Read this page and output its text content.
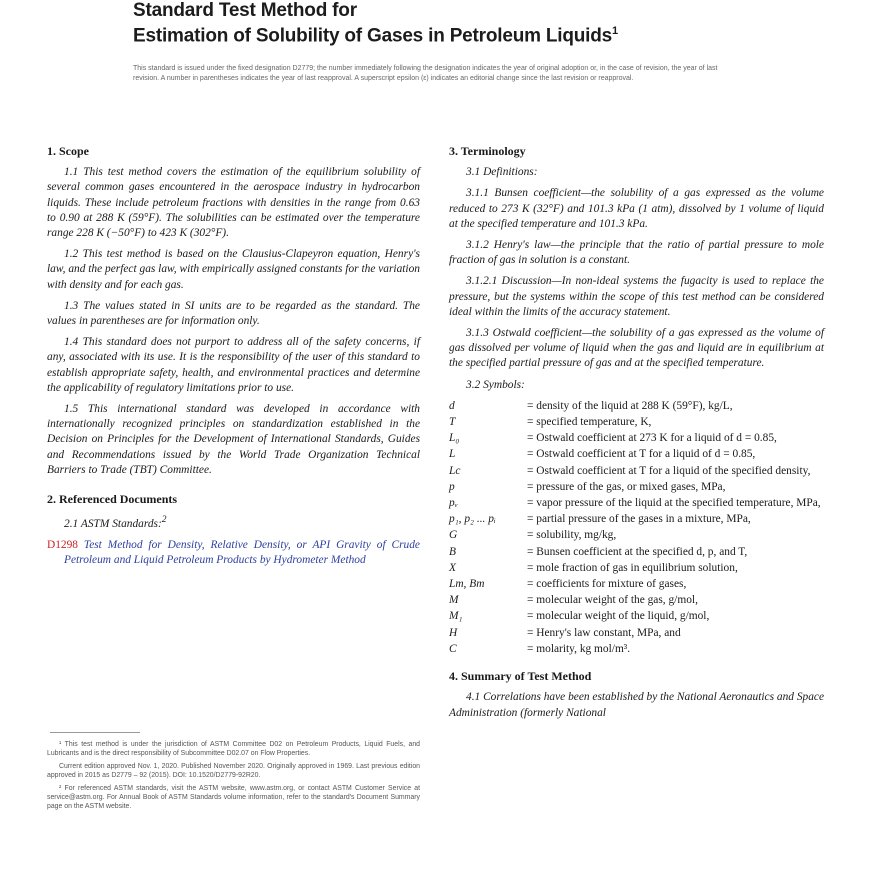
Standard Test Method for
Estimation of Solubility of Gases in Petroleum Liquids$^1$
This standard is issued under the fixed designation D2779; the number immediately following the designation indicates the year of original adoption or, in the case of revision, the year of last revision. A number in parentheses indicates the year of last reapproval. A superscript epsilon (ε) indicates an editorial change since the last revision or reapproval.
1. Scope

1.1 This test method covers the estimation of the equilibrium solubility of several common gases encountered in the aerospace industry in hydrocarbon liquids. These include petroleum fractions with densities in the range from 0.63 to 0.90 at 288 K (59°F). The solubilities can be estimated over the temperature range 228 K (−50°F) to 423 K (302°F).

1.2 This test method is based on the Clausius-Clapeyron equation, Henry's law, and the perfect gas law, with empirically assigned constants for the variation with density and for each gas.

1.3 The values stated in SI units are to be regarded as the standard. The values in parentheses are for information only.

1.4 This standard does not purport to address all of the safety concerns, if any, associated with its use. It is the responsibility of the user of this standard to establish appropriate safety, health, and environmental practices and determine the applicability of regulatory limitations prior to use.

1.5 This international standard was developed in accordance with internationally recognized principles on standardization established in the Decision on Principles for the Development of International Standards, Guides and Recommendations issued by the World Trade Organization Technical Barriers to Trade (TBT) Committee.

2. Referenced Documents

2.1 ASTM Standards:$^2$

D1298 Test Method for Density, Relative Density, or API Gravity of Crude Petroleum and Liquid Petroleum Products by Hydrometer Method

¹ This test method is under the jurisdiction of ASTM Committee D02 on Petroleum Products, Liquid Fuels, and Lubricants and is the direct responsibility of Subcommittee D02.07 on Flow Properties.

Current edition approved Nov. 1, 2020. Published November 2020. Originally approved in 1969. Last previous edition approved in 2015 as D2779 – 92 (2015). DOI: 10.1520/D2779-92R20.

² For referenced ASTM standards, visit the ASTM website, www.astm.org, or contact ASTM Customer Service at service@astm.org. For Annual Book of ASTM Standards volume information, refer to the standard's Document Summary page on the ASTM website.

3. Terminology

3.1 Definitions:

3.1.1 Bunsen coefficient—the solubility of a gas expressed as the volume reduced to 273 K (32°F) and 101.3 kPa (1 atm), dissolved by 1 volume of liquid at the specified temperature and 101.3 kPa.

3.1.2 Henry's law—the principle that the ratio of partial pressure to mole fraction of gas in solution is a constant.

3.1.2.1 Discussion—In non-ideal systems the fugacity is used to replace the pressure, but the systems within the scope of this test method can be considered ideal within the limits of the accuracy statement.

3.1.3 Ostwald coefficient—the solubility of a gas expressed as the volume of gas dissolved per volume of liquid when the gas and liquid are in equilibrium at the specified partial pressure of gas and at the specified temperature.

3.2 Symbols:

d	= density of the liquid at 288 K (59°F), kg/L,
T	= specified temperature, K,
L₀	= Ostwald coefficient at 273 K for a liquid of d = 0.85,
L	= Ostwald coefficient at T for a liquid of d = 0.85,
Lc	= Ostwald coefficient at T for a liquid of the specified density,
p	= pressure of the gas, or mixed gases, MPa,
pᵥ	= vapor pressure of the liquid at the specified temperature, MPa,
p₁, p₂ ... pᵢ	= partial pressure of the gases in a mixture, MPa,
G	= solubility, mg/kg,
B	= Bunsen coefficient at the specified d, p, and T,
X	= mole fraction of gas in equilibrium solution,
Lm, Bm	= coefficients for mixture of gases,
M	= molecular weight of the gas, g/mol,
M₁	= molecular weight of the liquid, g/mol,
H	= Henry's law constant, MPa, and
C	= molarity, kg mol/m³.
4. Summary of Test Method

4.1 Correlations have been established by the National Aeronautics and Space Administration (formerly National
